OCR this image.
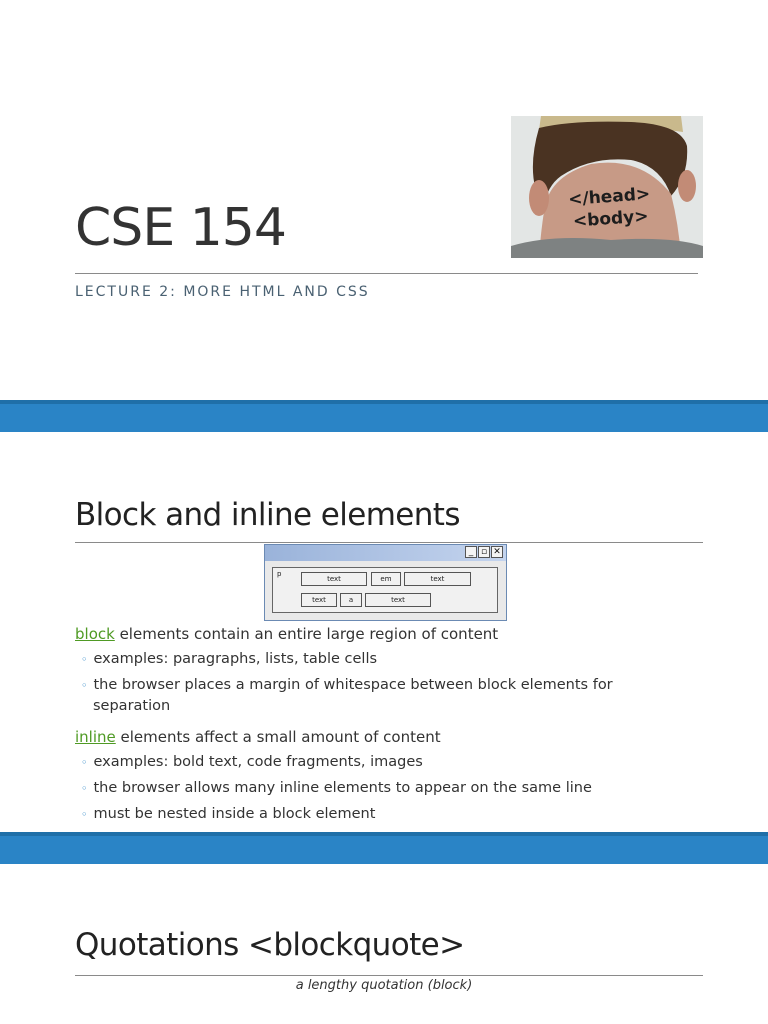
CSE 154
LECTURE 2: MORE HTML AND CSS
</head>
<body>
Block and inline elements
_ ▫ ✕
p
text	em	text
text	a	text
block elements contain an entire large region of content
◦ examples: paragraphs, lists, table cells
◦ the browser places a margin of whitespace between block elements for
separation
inline elements affect a small amount of content
◦ examples: bold text, code fragments, images
◦ the browser allows many inline elements to appear on the same line
◦ must be nested inside a block element
Quotations <blockquote>
a lengthy quotation (block)
